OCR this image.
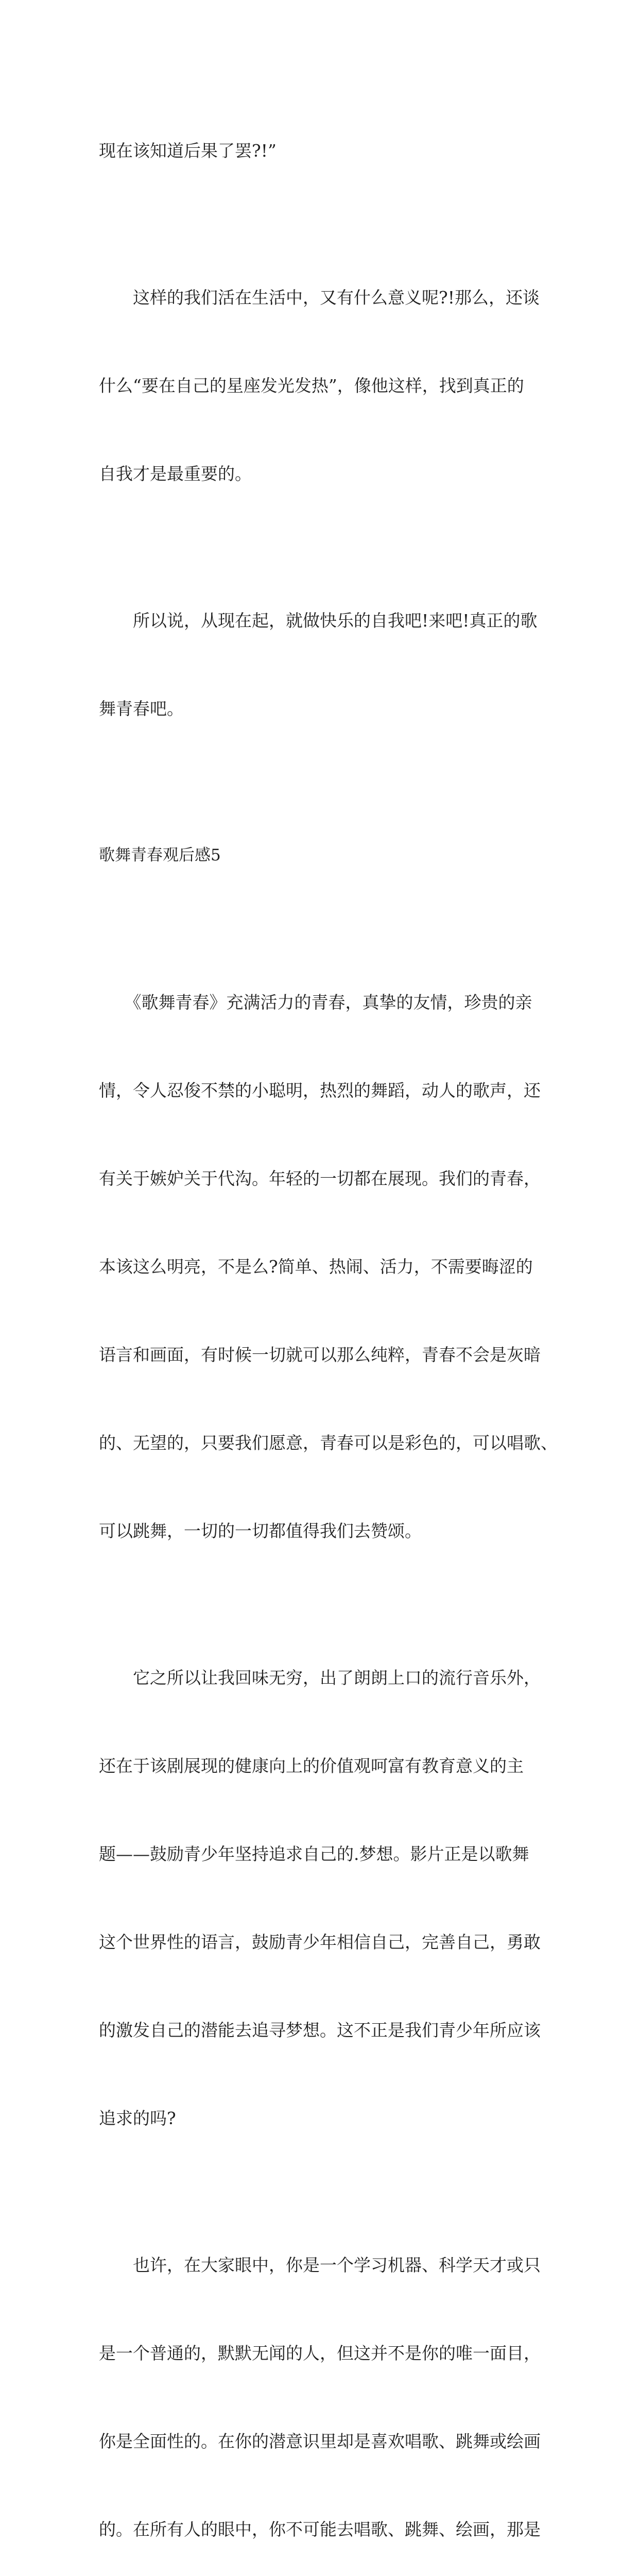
现在该知道后果了罢?!”

　　这样的我们活在生活中，又有什么意义呢?!那么，还谈

什么“要在自己的星座发光发热”，像他这样，找到真正的

自我才是最重要的。

　　所以说，从现在起，就做快乐的自我吧!来吧!真正的歌

舞青春吧。

歌舞青春观后感5

　　《歌舞青春》充满活力的青春，真挚的友情，珍贵的亲

情，令人忍俊不禁的小聪明，热烈的舞蹈，动人的歌声，还

有关于嫉妒关于代沟。年轻的一切都在展现。我们的青春，

本该这么明亮，不是么?简单、热闹、活力，不需要晦涩的

语言和画面，有时候一切就可以那么纯粹，青春不会是灰暗

的、无望的，只要我们愿意，青春可以是彩色的，可以唱歌、

可以跳舞，一切的一切都值得我们去赞颂。

　　它之所以让我回味无穷，出了朗朗上口的流行音乐外，

还在于该剧展现的健康向上的价值观呵富有教育意义的主

题——鼓励青少年坚持追求自己的.梦想。影片正是以歌舞

这个世界性的语言，鼓励青少年相信自己，完善自己，勇敢

的激发自己的潜能去追寻梦想。这不正是我们青少年所应该

追求的吗?

　　也许，在大家眼中，你是一个学习机器、科学天才或只

是一个普通的，默默无闻的人，但这并不是你的唯一面目，

你是全面性的。在你的潜意识里却是喜欢唱歌、跳舞或绘画

的。在所有人的眼中，你不可能去唱歌、跳舞、绘画，那是
